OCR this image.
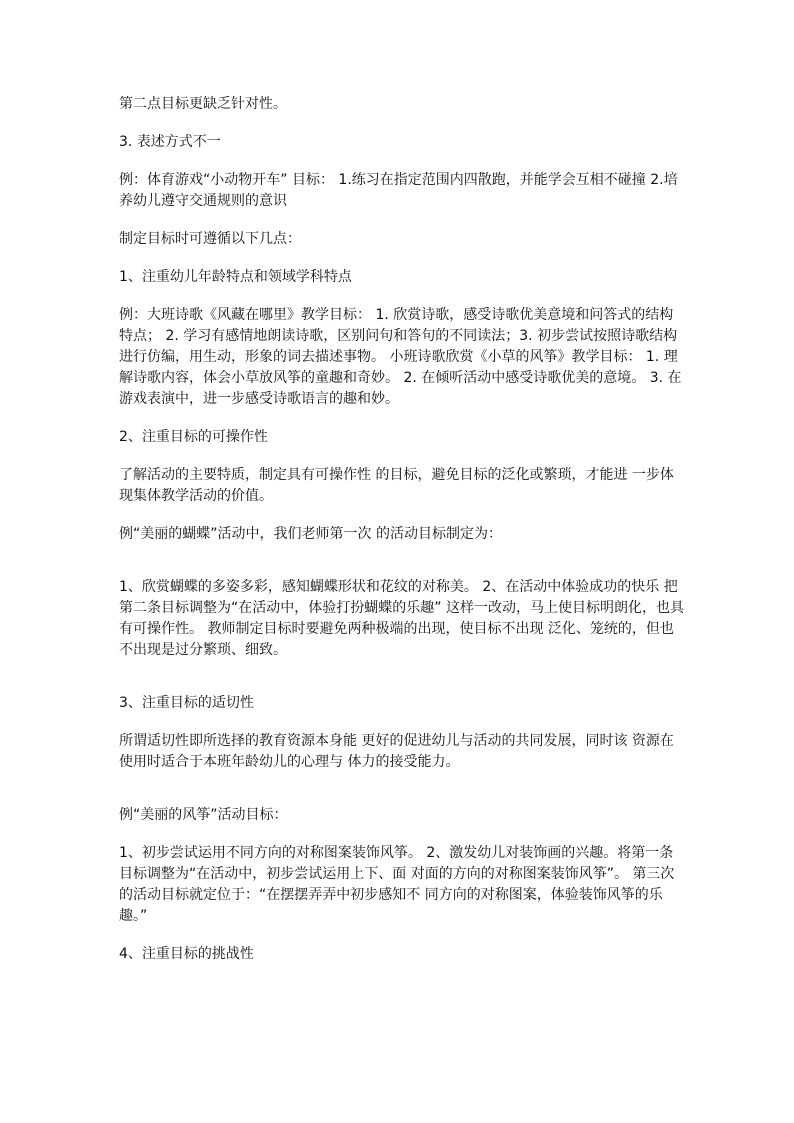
第二点目标更缺乏针对性。

3. 表述方式不一

例：体育游戏“小动物开车” 目标： 1.练习在指定范围内四散跑，并能学会互相不碰撞 2.培养幼儿遵守交通规则的意识

制定目标时可遵循以下几点：

1、注重幼儿年龄特点和领域学科特点

例：大班诗歌《风藏在哪里》教学目标： 1. 欣赏诗歌，感受诗歌优美意境和问答式的结构特点； 2. 学习有感情地朗读诗歌，区别问句和答句的不同读法；3. 初步尝试按照诗歌结构进行仿编，用生动，形象的词去描述事物。 小班诗歌欣赏《小草的风筝》教学目标： 1. 理解诗歌内容，体会小草放风筝的童趣和奇妙。 2. 在倾听活动中感受诗歌优美的意境。 3. 在游戏表演中，进一步感受诗歌语言的趣和妙。

2、注重目标的可操作性

了解活动的主要特质，制定具有可操作性 的目标，避免目标的泛化或繁琐，才能进 一步体现集体教学活动的价值。

例“美丽的蝴蝶”活动中，我们老师第一次 的活动目标制定为：

1、欣赏蝴蝶的多姿多彩，感知蝴蝶形状和花纹的对称美。 2、在活动中体验成功的快乐 把第二条目标调整为“在活动中，体验打扮蝴蝶的乐趣” 这样一改动，马上使目标明朗化，也具有可操作性。 教师制定目标时要避免两种极端的出现，使目标不出现 泛化、笼统的，但也不出现是过分繁琐、细致。

3、注重目标的适切性

所谓适切性即所选择的教育资源本身能 更好的促进幼儿与活动的共同发展，同时该 资源在使用时适合于本班年龄幼儿的心理与 体力的接受能力。

例“美丽的风筝”活动目标：

1、初步尝试运用不同方向的对称图案装饰风筝。 2、激发幼儿对装饰画的兴趣。将第一条目标调整为“在活动中，初步尝试运用上下、面 对面的方向的对称图案装饰风筝”。 第三次的活动目标就定位于：“在摆摆弄弄中初步感知不 同方向的对称图案，体验装饰风筝的乐趣。”

4、注重目标的挑战性
